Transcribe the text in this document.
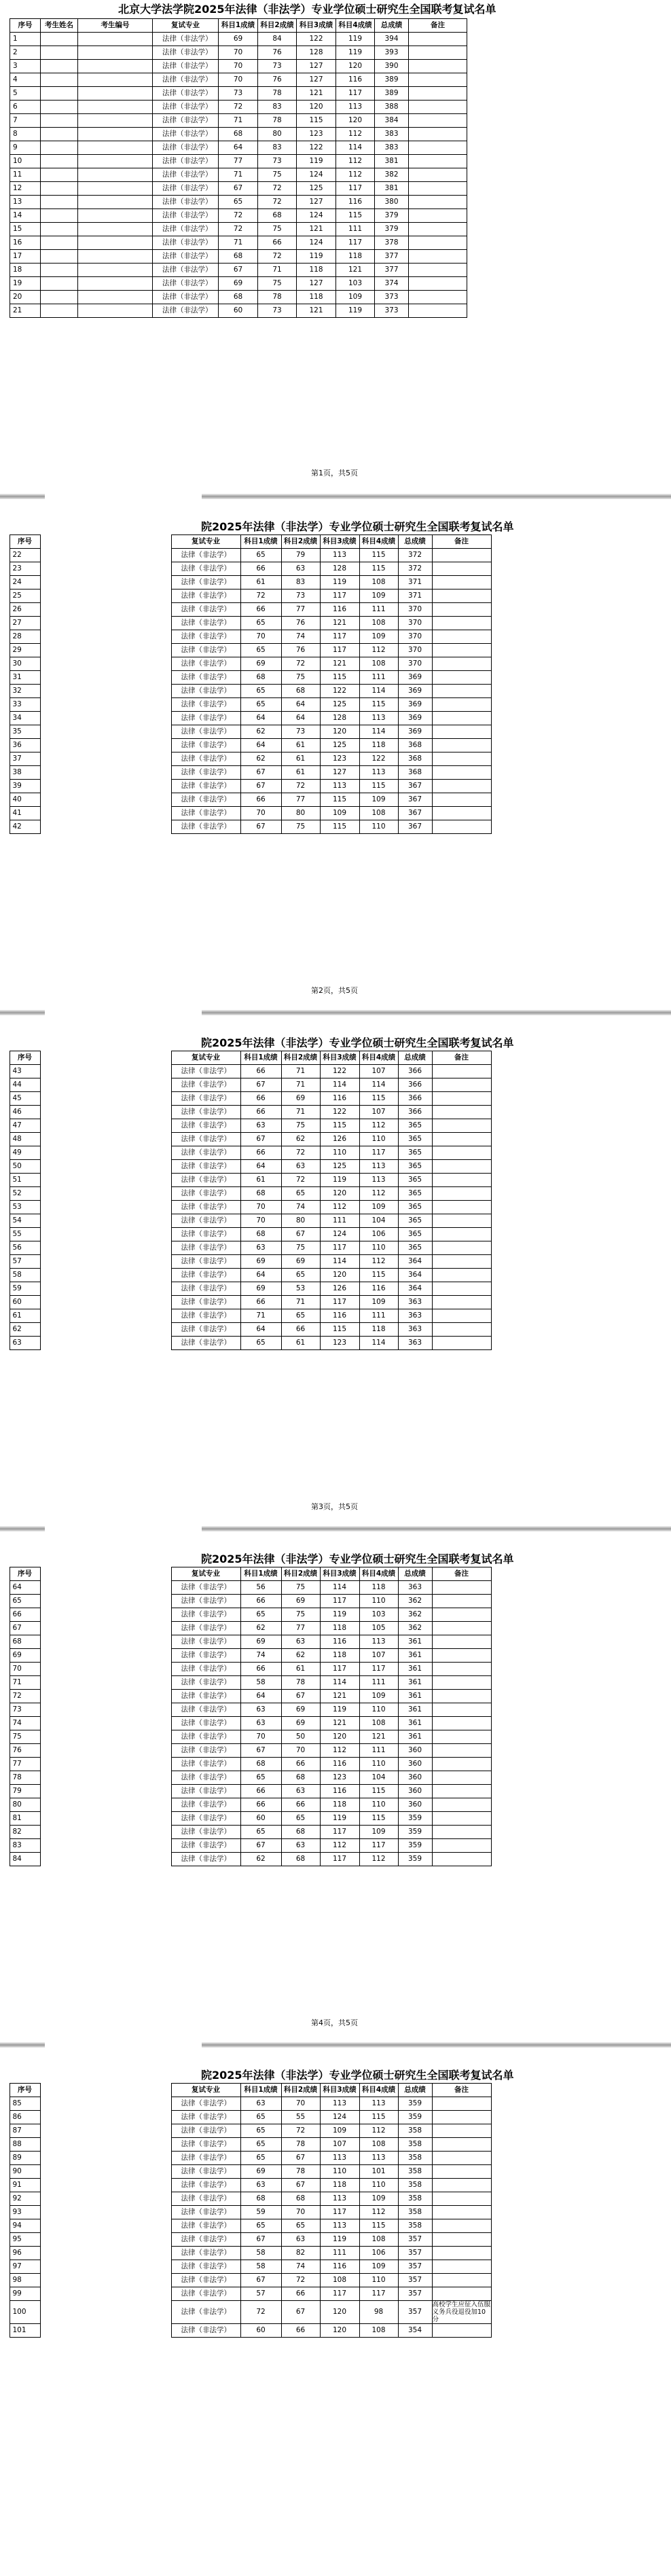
北京大学法学院2025年法律（非法学）专业学位硕士研究生全国联考复试名单
序号	考生姓名	考生编号	复试专业	科目1成绩	科目2成绩	科目3成绩	科目4成绩	总成绩	备注
1			法律（非法学）	69	84	122	119	394	
2			法律（非法学）	70	76	128	119	393	
3			法律（非法学）	70	73	127	120	390	
4			法律（非法学）	70	76	127	116	389	
5			法律（非法学）	73	78	121	117	389	
6			法律（非法学）	72	83	120	113	388	
7			法律（非法学）	71	78	115	120	384	
8			法律（非法学）	68	80	123	112	383	
9			法律（非法学）	64	83	122	114	383	
10			法律（非法学）	77	73	119	112	381	
11			法律（非法学）	71	75	124	112	382	
12			法律（非法学）	67	72	125	117	381	
13			法律（非法学）	65	72	127	116	380	
14			法律（非法学）	72	68	124	115	379	
15			法律（非法学）	72	75	121	111	379	
16			法律（非法学）	71	66	124	117	378	
17			法律（非法学）	68	72	119	118	377	
18			法律（非法学）	67	71	118	121	377	
19			法律（非法学）	69	75	127	103	374	
20			法律（非法学）	68	78	118	109	373	
21			法律（非法学）	60	73	121	119	373	
第1页，共5页
院2025年法律（非法学）专业学位硕士研究生全国联考复试名单
	序号		复试专业	科目1成绩	科目2成绩	科目3成绩	科目4成绩	总成绩	备注
	22		法律（非法学）	65	79	113	115	372	
	23		法律（非法学）	66	63	128	115	372	
	24		法律（非法学）	61	83	119	108	371	
	25		法律（非法学）	72	73	117	109	371	
	26		法律（非法学）	66	77	116	111	370	
	27		法律（非法学）	65	76	121	108	370	
	28		法律（非法学）	70	74	117	109	370	
	29		法律（非法学）	65	76	117	112	370	
	30		法律（非法学）	69	72	121	108	370	
	31		法律（非法学）	68	75	115	111	369	
	32		法律（非法学）	65	68	122	114	369	
	33		法律（非法学）	65	64	125	115	369	
	34		法律（非法学）	64	64	128	113	369	
	35		法律（非法学）	62	73	120	114	369	
	36		法律（非法学）	64	61	125	118	368	
	37		法律（非法学）	62	61	123	122	368	
	38		法律（非法学）	67	61	127	113	368	
	39		法律（非法学）	67	72	113	115	367	
	40		法律（非法学）	66	77	115	109	367	
	41		法律（非法学）	70	80	109	108	367	
	42		法律（非法学）	67	75	115	110	367	
第2页，共5页
院2025年法律（非法学）专业学位硕士研究生全国联考复试名单
	序号		复试专业	科目1成绩	科目2成绩	科目3成绩	科目4成绩	总成绩	备注
	43		法律（非法学）	66	71	122	107	366	
	44		法律（非法学）	67	71	114	114	366	
	45		法律（非法学）	66	69	116	115	366	
	46		法律（非法学）	66	71	122	107	366	
	47		法律（非法学）	63	75	115	112	365	
	48		法律（非法学）	67	62	126	110	365	
	49		法律（非法学）	66	72	110	117	365	
	50		法律（非法学）	64	63	125	113	365	
	51		法律（非法学）	61	72	119	113	365	
	52		法律（非法学）	68	65	120	112	365	
	53		法律（非法学）	70	74	112	109	365	
	54		法律（非法学）	70	80	111	104	365	
	55		法律（非法学）	68	67	124	106	365	
	56		法律（非法学）	63	75	117	110	365	
	57		法律（非法学）	69	69	114	112	364	
	58		法律（非法学）	64	65	120	115	364	
	59		法律（非法学）	69	53	126	116	364	
	60		法律（非法学）	66	71	117	109	363	
	61		法律（非法学）	71	65	116	111	363	
	62		法律（非法学）	64	66	115	118	363	
	63		法律（非法学）	65	61	123	114	363	
第3页，共5页
院2025年法律（非法学）专业学位硕士研究生全国联考复试名单
	序号		复试专业	科目1成绩	科目2成绩	科目3成绩	科目4成绩	总成绩	备注
	64		法律（非法学）	56	75	114	118	363	
	65		法律（非法学）	66	69	117	110	362	
	66		法律（非法学）	65	75	119	103	362	
	67		法律（非法学）	62	77	118	105	362	
	68		法律（非法学）	69	63	116	113	361	
	69		法律（非法学）	74	62	118	107	361	
	70		法律（非法学）	66	61	117	117	361	
	71		法律（非法学）	58	78	114	111	361	
	72		法律（非法学）	64	67	121	109	361	
	73		法律（非法学）	63	69	119	110	361	
	74		法律（非法学）	63	69	121	108	361	
	75		法律（非法学）	70	50	120	121	361	
	76		法律（非法学）	67	70	112	111	360	
	77		法律（非法学）	68	66	116	110	360	
	78		法律（非法学）	65	68	123	104	360	
	79		法律（非法学）	66	63	116	115	360	
	80		法律（非法学）	66	66	118	110	360	
	81		法律（非法学）	60	65	119	115	359	
	82		法律（非法学）	65	68	117	109	359	
	83		法律（非法学）	67	63	112	117	359	
	84		法律（非法学）	62	68	117	112	359	
第4页，共5页
院2025年法律（非法学）专业学位硕士研究生全国联考复试名单
	序号		复试专业	科目1成绩	科目2成绩	科目3成绩	科目4成绩	总成绩	备注
	85		法律（非法学）	63	70	113	113	359	
	86		法律（非法学）	65	55	124	115	359	
	87		法律（非法学）	65	72	109	112	358	
	88		法律（非法学）	65	78	107	108	358	
	89		法律（非法学）	65	67	113	113	358	
	90		法律（非法学）	69	78	110	101	358	
	91		法律（非法学）	63	67	118	110	358	
	92		法律（非法学）	68	68	113	109	358	
	93		法律（非法学）	59	70	117	112	358	
	94		法律（非法学）	65	65	113	115	358	
	95		法律（非法学）	67	63	119	108	357	
	96		法律（非法学）	58	82	111	106	357	
	97		法律（非法学）	58	74	116	109	357	
	98		法律（非法学）	67	72	108	110	357	
	99		法律（非法学）	57	66	117	117	357	
	100		法律（非法学）	72	67	120	98	357	高校学生应征入伍服义务兵役退役加10分
	101		法律（非法学）	60	66	120	108	354	
